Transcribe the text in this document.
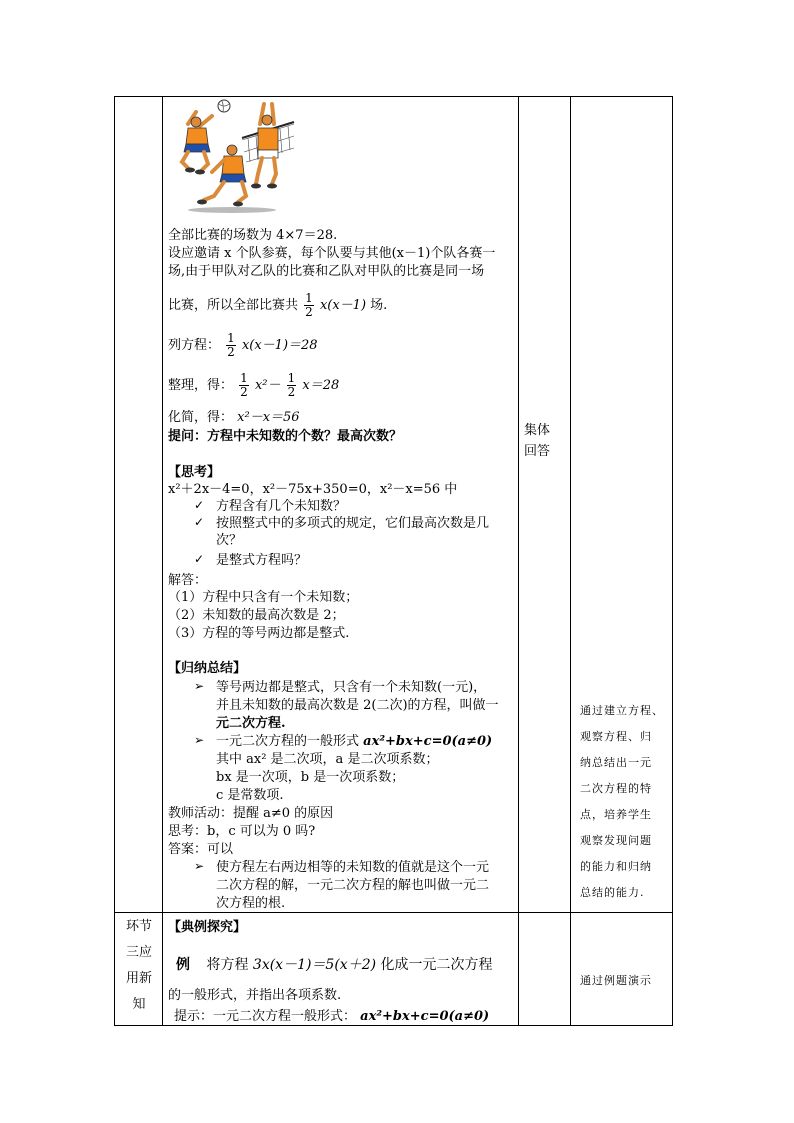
全部比赛的场数为 4×7＝28.
设应邀请 x 个队参赛，每个队要与其他(x－1)个队各赛一
场,由于甲队对乙队的比赛和乙队对甲队的比赛是同一场
比赛，所以全部比赛共 $\frac{1}{2} x(x-1)$ 场.
列方程： $\frac{1}{2} x(x-1)=28$
整理，得： $\frac{1}{2} x^2- \frac{1}{2} x=28$
化简，得： x²－x＝56
提问：方程中未知数的个数？最高次数？
【思考】
x²＋2x－4=0，x²－75x+350=0，x²－x=56 中
✓ 方程含有几个未知数？
✓ 按照整式中的多项式的规定，它们最高次数是几
次？
✓ 是整式方程吗？
解答：
（1）方程中只含有一个未知数；
（2）未知数的最高次数是 2；
（3）方程的等号两边都是整式.
【归纳总结】
➢ 等号两边都是整式，只含有一个未知数(一元)，
并且未知数的最高次数是 2(二次)的方程，叫做一
元二次方程.
➢ 一元二次方程的一般形式 ax²+bx+c=0(a≠0)
其中 ax² 是二次项，a 是二次项系数；
bx 是一次项，b 是一次项系数；
c 是常数项.
教师活动：提醒 a≠0 的原因
思考：b，c 可以为 0 吗?
答案：可以
➢ 使方程左右两边相等的未知数的值就是这个一元
二次方程的解，一元二次方程的解也叫做一元二
次方程的根.
集体
回答
通过建立方程、
观察方程、归
纳总结出一元
二次方程的特
点，培养学生
观察发现问题
的能力和归纳
总结的能力.
环节
三应
用新
知
【典例探究】
例 将方程 3x(x－1)＝5(x＋2) 化成一元二次方程
的一般形式，并指出各项系数.
提示：一元二次方程一般形式： ax²+bx+c=0(a≠0)
通过例题演示
